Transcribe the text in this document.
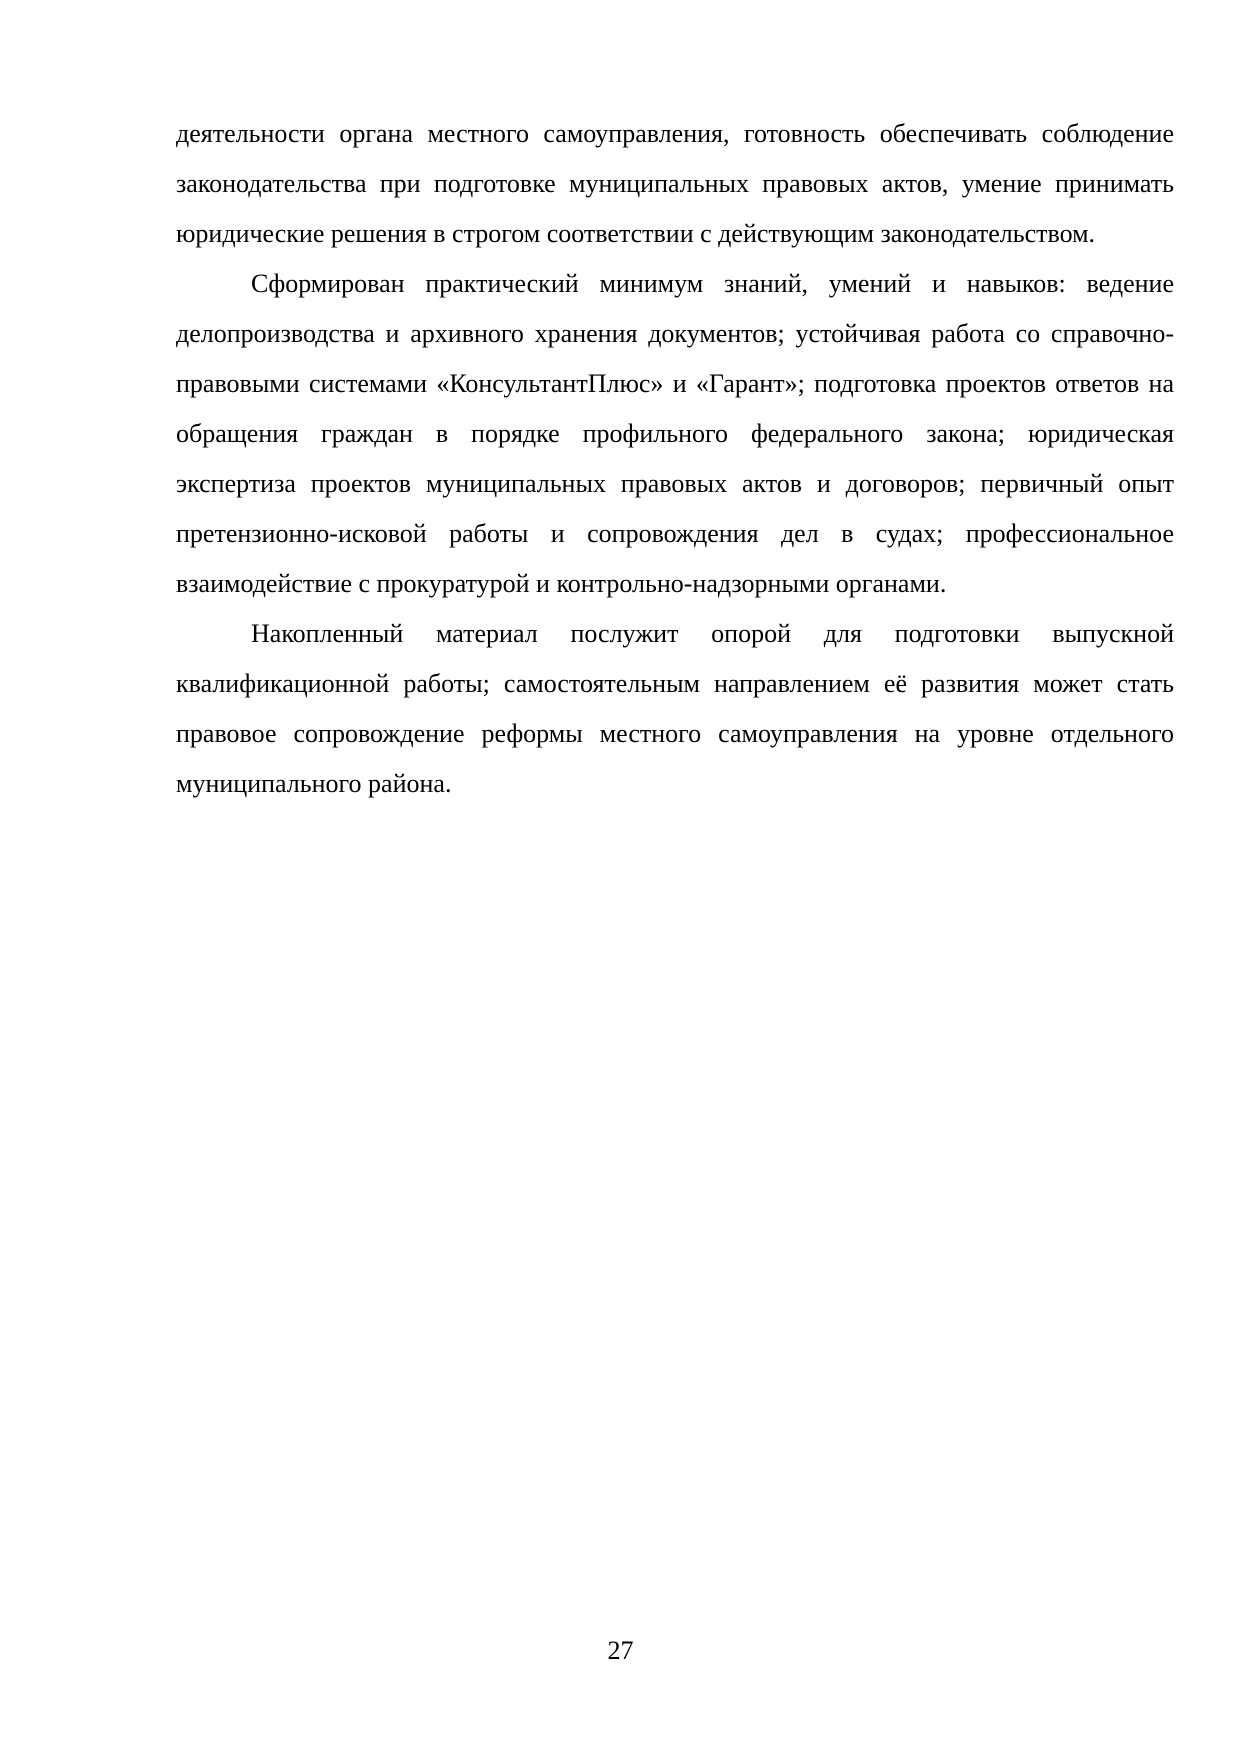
деятельности органа местного самоуправления, готовность обеспечивать соблюдение законодательства при подготовке муниципальных правовых актов, умение принимать юридические решения в строгом соответствии с действующим законодательством.

Сформирован практический минимум знаний, умений и навыков: ведение делопроизводства и архивного хранения документов; устойчивая работа со справочно-правовыми системами «КонсультантПлюс» и «Гарант»; подготовка проектов ответов на обращения граждан в порядке профильного федерального закона; юридическая экспертиза проектов муниципальных правовых актов и договоров; первичный опыт претензионно-исковой работы и сопровождения дел в судах; профессиональное взаимодействие с прокуратурой и контрольно-надзорными органами.

Накопленный материал послужит опорой для подготовки выпускной квалификационной работы; самостоятельным направлением её развития может стать правовое сопровождение реформы местного самоуправления на уровне отдельного муниципального района.

27
